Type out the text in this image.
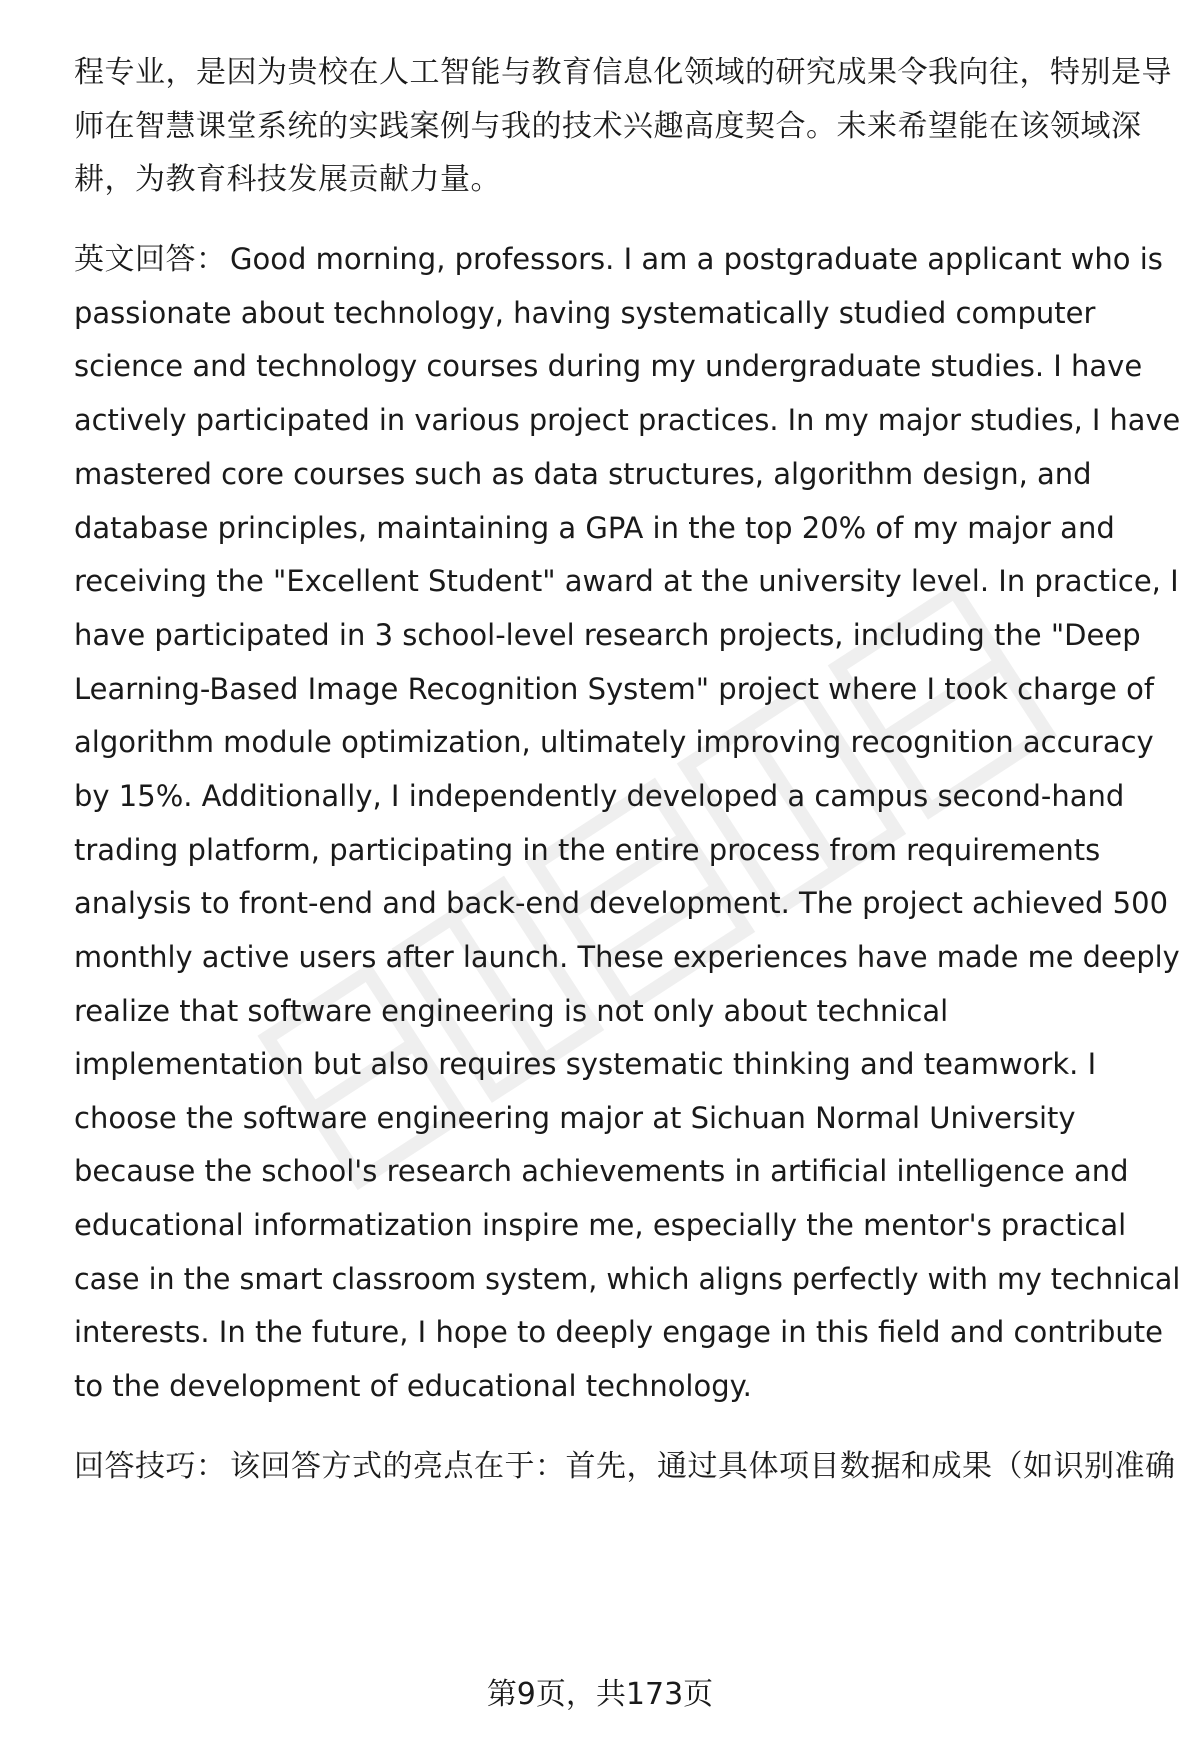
程专业，是因为贵校在人工智能与教育信息化领域的研究成果令我向往，特别是导
师在智慧课堂系统的实践案例与我的技术兴趣高度契合。未来希望能在该领域深
耕，为教育科技发展贡献力量。
英文回答： Good morning, professors. I am a postgraduate applicant who is
passionate about technology, having systematically studied computer
science and technology courses during my undergraduate studies. I have
actively participated in various project practices. In my major studies, I have
mastered core courses such as data structures, algorithm design, and
database principles, maintaining a GPA in the top 20% of my major and
receiving the "Excellent Student" award at the university level. In practice, I
have participated in 3 school-level research projects, including the "Deep
Learning-Based Image Recognition System" project where I took charge of
algorithm module optimization, ultimately improving recognition accuracy
by 15%. Additionally, I independently developed a campus second-hand
trading platform, participating in the entire process from requirements
analysis to front-end and back-end development. The project achieved 500
monthly active users after launch. These experiences have made me deeply
realize that software engineering is not only about technical
implementation but also requires systematic thinking and teamwork. I
choose the software engineering major at Sichuan Normal University
because the school's research achievements in artificial intelligence and
educational informatization inspire me, especially the mentor's practical
case in the smart classroom system, which aligns perfectly with my technical
interests. In the future, I hope to deeply engage in this field and contribute
to the development of educational technology.
回答技巧： 该回答方式的亮点在于：首先，通过具体项目数据和成果（如识别准确
第9页，共173页
